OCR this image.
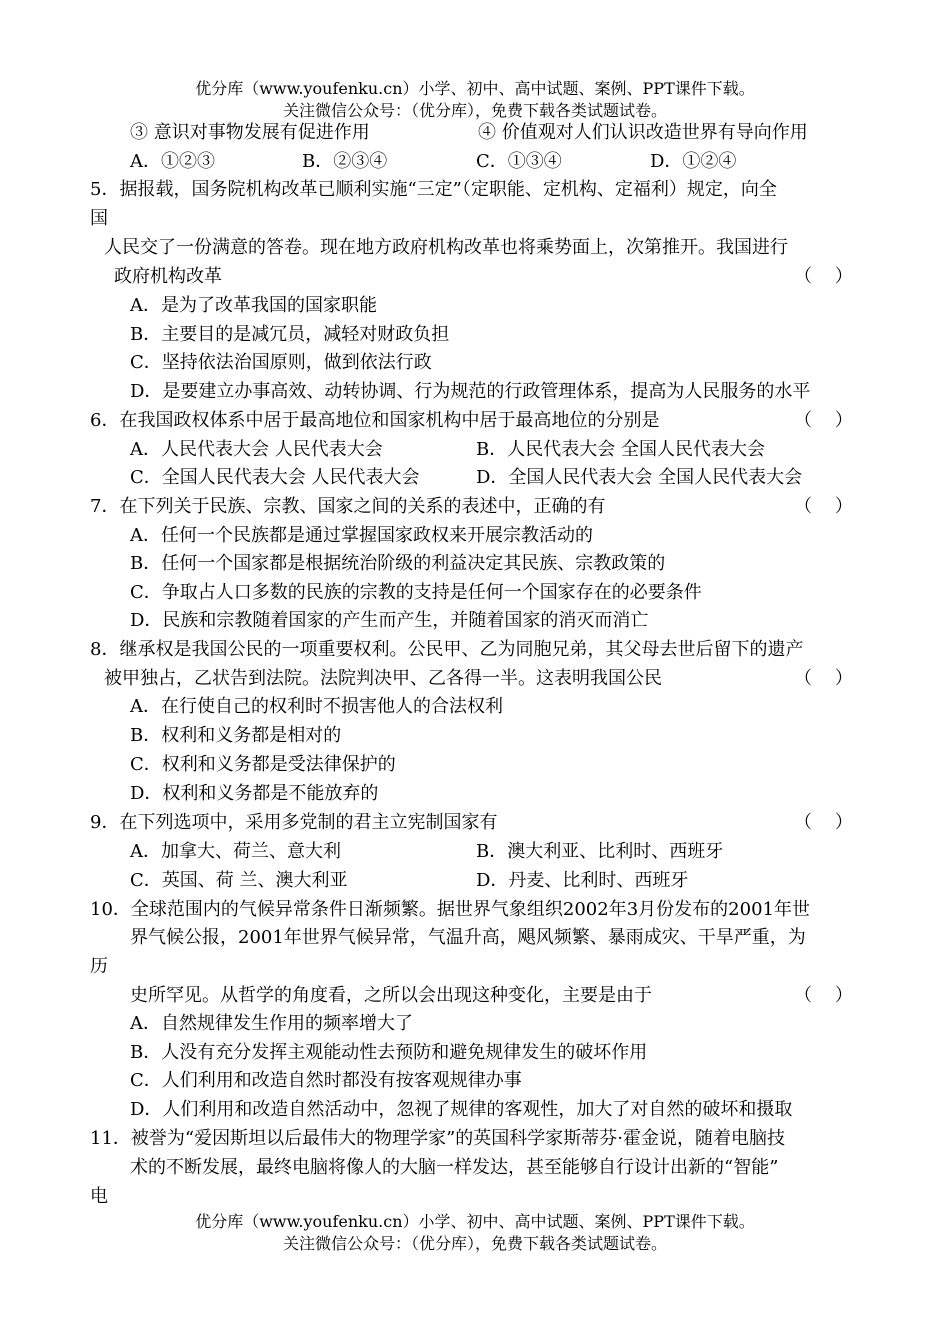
优分库（www.youfenku.cn）小学、初中、高中试题、案例、PPT课件下载。
关注微信公众号：（优分库），免费下载各类试题试卷。
③ 意识对事物发展有促进作用	④ 价值观对人们认识改造世界有导向作用
A．①②③	B．②③④	C．①③④	D．①②④
5．据报载，国务院机构改革已顺利实施“三定”（定职能、定机构、定福利）规定，向全
国
人民交了一份满意的答卷。现在地方政府机构改革也将乘势面上，次第推开。我国进行
政府机构改革	（    ）
A．是为了改革我国的国家职能
B．主要目的是减冗员，减轻对财政负担
C．坚持依法治国原则，做到依法行政
D．是要建立办事高效、动转协调、行为规范的行政管理体系，提高为人民服务的水平
6．在我国政权体系中居于最高地位和国家机构中居于最高地位的分别是	（    ）
A．人民代表大会 人民代表大会	B．人民代表大会 全国人民代表大会
C．全国人民代表大会 人民代表大会	D．全国人民代表大会 全国人民代表大会
7．在下列关于民族、宗教、国家之间的关系的表述中，正确的有	（    ）
A．任何一个民族都是通过掌握国家政权来开展宗教活动的
B．任何一个国家都是根据统治阶级的利益决定其民族、宗教政策的
C．争取占人口多数的民族的宗教的支持是任何一个国家存在的必要条件
D．民族和宗教随着国家的产生而产生，并随着国家的消灭而消亡
8．继承权是我国公民的一项重要权利。公民甲、乙为同胞兄弟，其父母去世后留下的遗产
被甲独占，乙状告到法院。法院判决甲、乙各得一半。这表明我国公民	（    ）
A．在行使自己的权利时不损害他人的合法权利
B．权利和义务都是相对的
C．权利和义务都是受法律保护的
D．权利和义务都是不能放弃的
9．在下列选项中，采用多党制的君主立宪制国家有	（    ）
A．加拿大、荷兰、意大利	B．澳大利亚、比利时、西班牙
C．英国、荷 兰、澳大利亚	D．丹麦、比利时、西班牙
10．全球范围内的气候异常条件日渐频繁。据世界气象组织2002年3月份发布的2001年世
界气候公报，2001年世界气候异常，气温升高，飓风频繁、暴雨成灾、干旱严重，为
历
史所罕见。从哲学的角度看，之所以会出现这种变化，主要是由于	（    ）
A．自然规律发生作用的频率增大了
B．人没有充分发挥主观能动性去预防和避免规律发生的破坏作用
C．人们利用和改造自然时都没有按客观规律办事
D．人们利用和改造自然活动中，忽视了规律的客观性，加大了对自然的破坏和摄取
11．被誉为“爱因斯坦以后最伟大的物理学家”的英国科学家斯蒂芬·霍金说，随着电脑技
术的不断发展，最终电脑将像人的大脑一样发达，甚至能够自行设计出新的“智能”
电
优分库（www.youfenku.cn）小学、初中、高中试题、案例、PPT课件下载。
关注微信公众号：（优分库），免费下载各类试题试卷。
